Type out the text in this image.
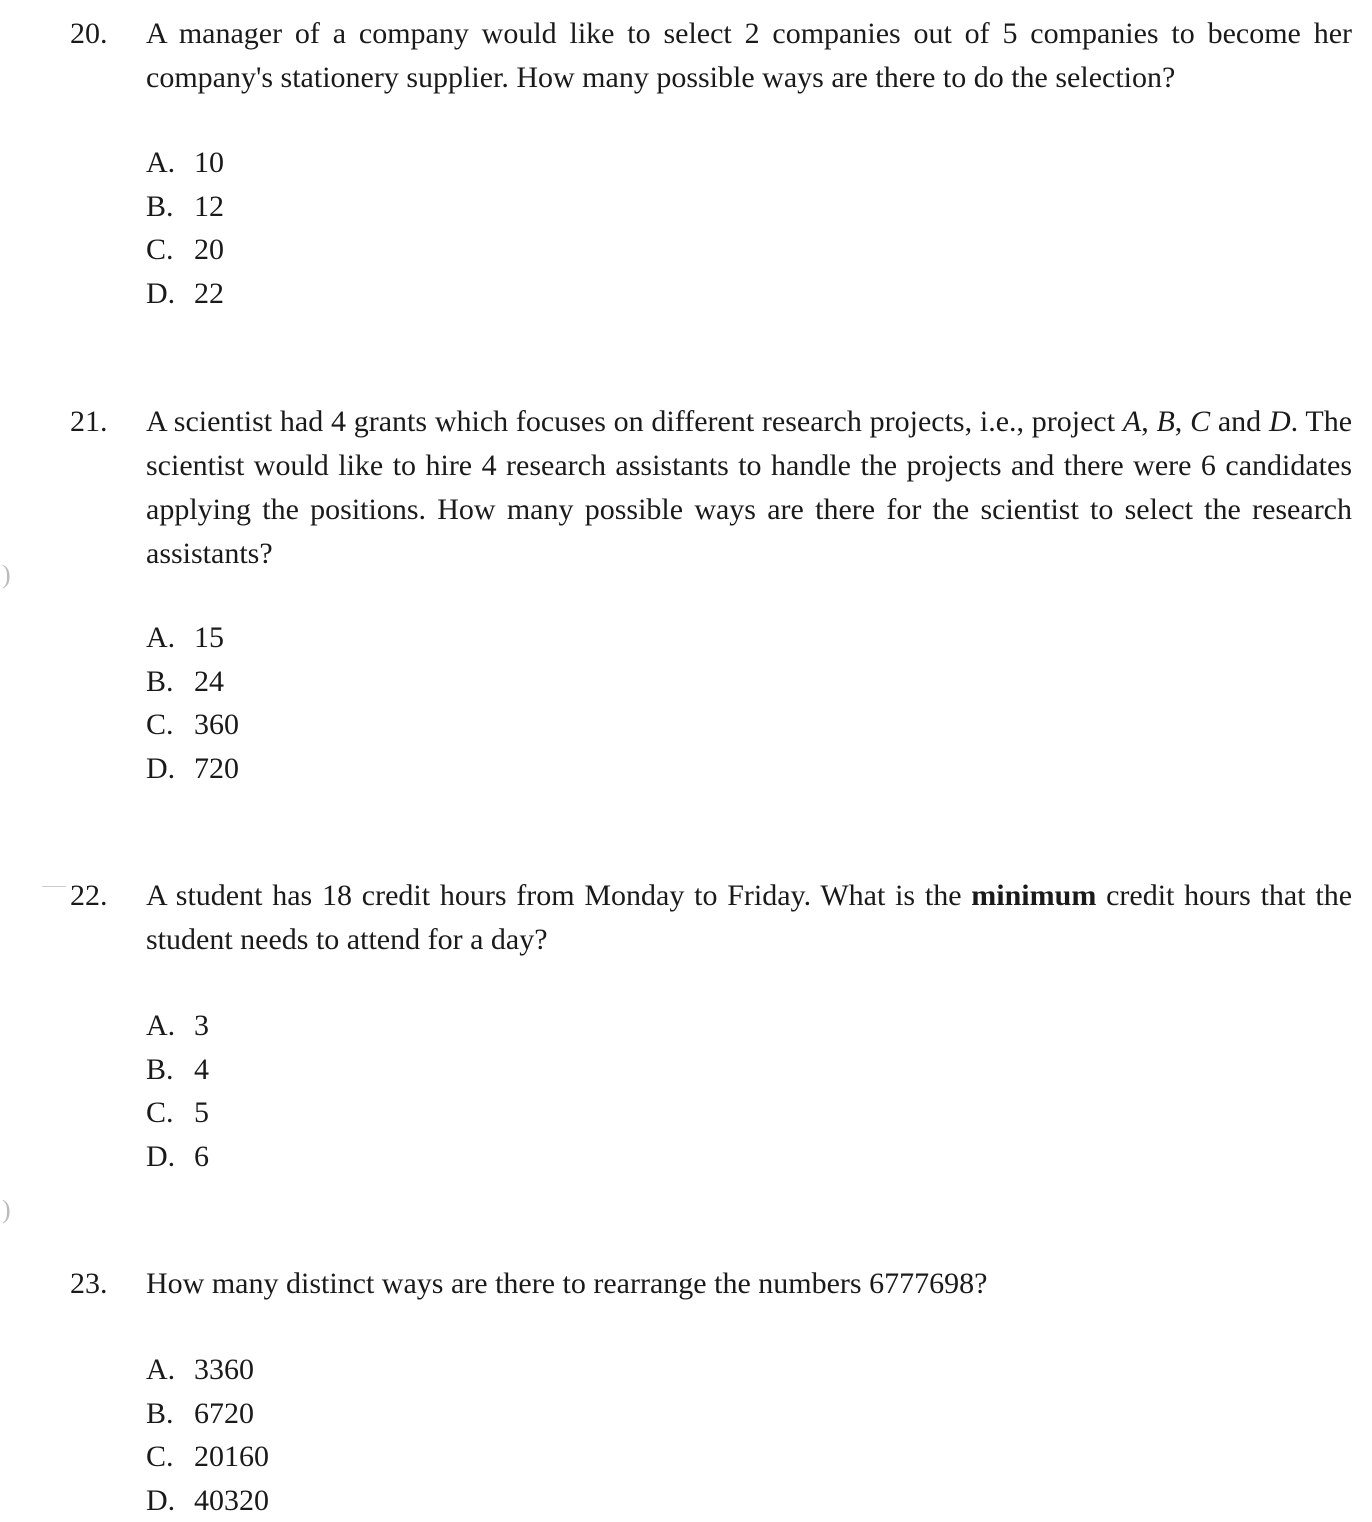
20. A manager of a company would like to select 2 companies out of 5 companies to become her company's stationery supplier. How many possible ways are there to do the selection?
A. 10
B. 12
C. 20
D. 22
21. A scientist had 4 grants which focuses on different research projects, i.e., project A, B, C and D. The scientist would like to hire 4 research assistants to handle the projects and there were 6 candidates applying the positions. How many possible ways are there for the scientist to select the research assistants?
A. 15
B. 24
C. 360
D. 720
22. A student has 18 credit hours from Monday to Friday. What is the minimum credit hours that the student needs to attend for a day?
A. 3
B. 4
C. 5
D. 6
23. How many distinct ways are there to rearrange the numbers 6777698?
A. 3360
B. 6720
C. 20160
D. 40320
)
)
